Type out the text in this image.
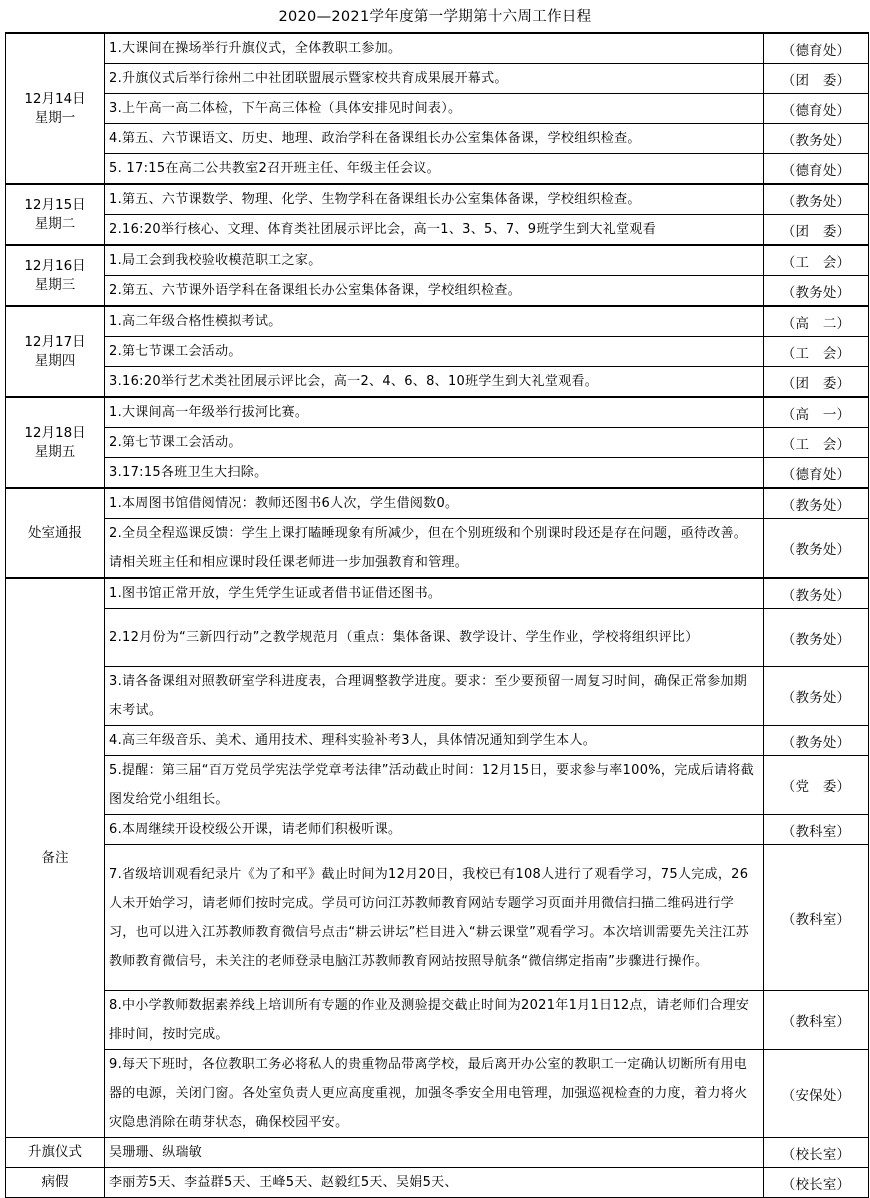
2020—2021学年度第一学期第十六周工作日程
12月14日
星期一	1.大课间在操场举行升旗仪式，全体教职工参加。	（德育处）
	2.升旗仪式后举行徐州二中社团联盟展示暨家校共育成果展开幕式。	（团　委）
	3.上午高一高二体检，下午高三体检（具体安排见时间表）。	（德育处）
	4.第五、六节课语文、历史、地理、政治学科在备课组长办公室集体备课，学校组织检查。	（教务处）
	5. 17:15在高二公共教室2召开班主任、年级主任会议。	（德育处）

12月15日
星期二	1.第五、六节课数学、物理、化学、生物学科在备课组长办公室集体备课，学校组织检查。	（教务处）
	2.16:20举行核心、文理、体育类社团展示评比会，高一1、3、5、7、9班学生到大礼堂观看	（团　委）

12月16日
星期三	1.局工会到我校验收模范职工之家。	（工　会）
	2.第五、六节课外语学科在备课组长办公室集体备课，学校组织检查。	（教务处）

12月17日
星期四	1.高二年级合格性模拟考试。	（高　二）
	2.第七节课工会活动。	（工　会）
	3.16:20举行艺术类社团展示评比会，高一2、4、6、8、10班学生到大礼堂观看。	（团　委）

12月18日
星期五	1.大课间高一年级举行拔河比赛。	（高　一）
	2.第七节课工会活动。	（工　会）
	3.17:15各班卫生大扫除。	（德育处）

处室通报	1.本周图书馆借阅情况：教师还图书6人次，学生借阅数0。	（教务处）
	2.全员全程巡课反馈：学生上课打瞌睡现象有所减少，但在个别班级和个别课时段还是存在问题，亟待改善。请相关班主任和相应课时段任课老师进一步加强教育和管理。	（教务处）

备注	1.图书馆正常开放，学生凭学生证或者借书证借还图书。	（教务处）
	2.12月份为“三新四行动”之教学规范月（重点：集体备课、教学设计、学生作业，学校将组织评比）	（教务处）
	3.请各备课组对照教研室学科进度表，合理调整教学进度。要求：至少要预留一周复习时间，确保正常参加期末考试。	（教务处）
	4.高三年级音乐、美术、通用技术、理科实验补考3人，具体情况通知到学生本人。	（教务处）
	5.提醒：第三届“百万党员学宪法学党章考法律”活动截止时间：12月15日，要求参与率100%，完成后请将截图发给党小组组长。	（党　委）
	6.本周继续开设校级公开课，请老师们积极听课。	（教科室）
	7.省级培训观看纪录片《为了和平》截止时间为12月20日，我校已有108人进行了观看学习，75人完成，26人未开始学习，请老师们按时完成。学员可访问江苏教师教育网站专题学习页面并用微信扫描二维码进行学习，也可以进入江苏教师教育微信号点击“耕云讲坛”栏目进入“耕云课堂”观看学习。本次培训需要先关注江苏教师教育微信号，未关注的老师登录电脑江苏教师教育网站按照导航条“微信绑定指南”步骤进行操作。	（教科室）
	8.中小学教师数据素养线上培训所有专题的作业及测验提交截止时间为2021年1月1日12点，请老师们合理安排时间，按时完成。	（教科室）
	9.每天下班时，各位教职工务必将私人的贵重物品带离学校，最后离开办公室的教职工一定确认切断所有用电器的电源，关闭门窗。各处室负责人更应高度重视，加强冬季安全用电管理，加强巡视检查的力度，着力将火灾隐患消除在萌芽状态，确保校园平安。	（安保处）
升旗仪式	吴珊珊、纵瑞敏	（校长室）
病假	李丽芳5天、李益群5天、王峰5天、赵毅红5天、吴娟5天、	（校长室）
